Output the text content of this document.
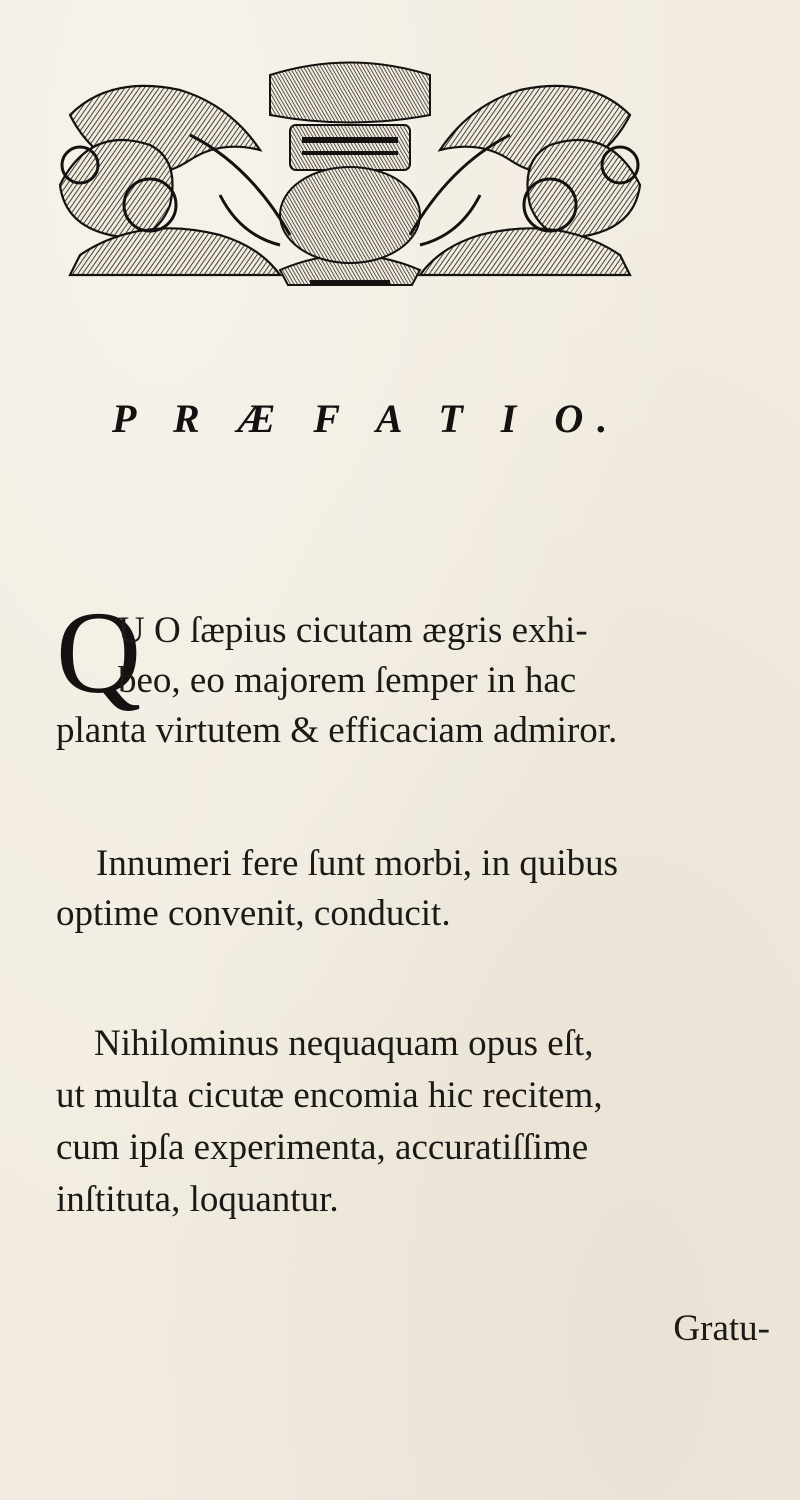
P R Æ F A T I O.
Q

U O ſæpius cicutam ægris exhi-

beo, eo majorem ſemper in hac

planta virtutem & efficaciam admiror.

Innumeri fere ſunt morbi, in quibus

optime convenit, conducit.

Nihilominus nequaquam opus eſt,

ut multa cicutæ encomia hic recitem,

cum ipſa experimenta, accuratiſſime

inſtituta, loquantur.

Gratu-
